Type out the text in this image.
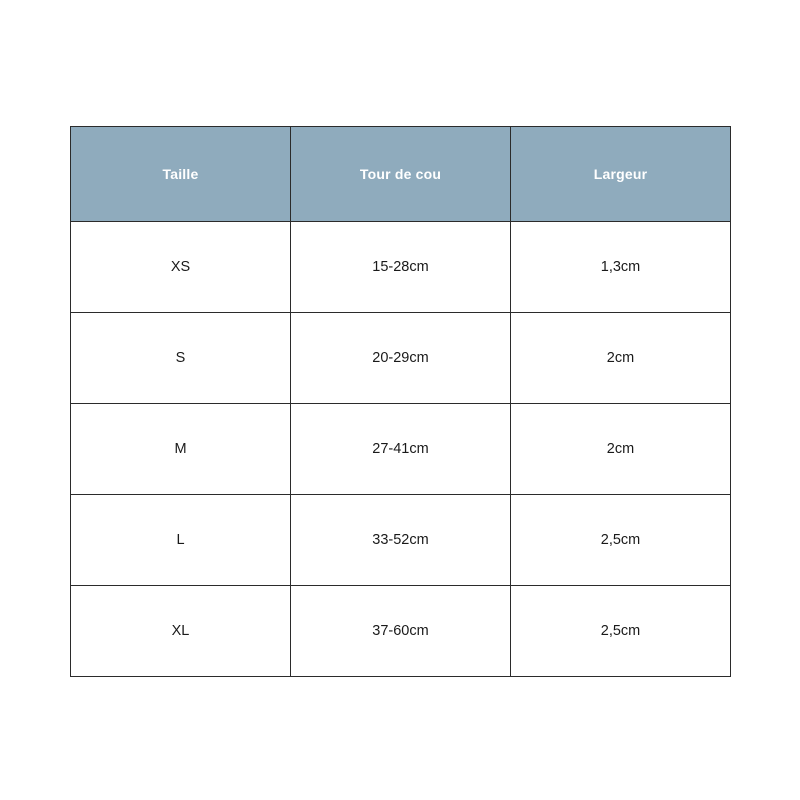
Taille	Tour de cou	Largeur
XS	15-28cm	1,3cm
S	20-29cm	2cm
M	27-41cm	2cm
L	33-52cm	2,5cm
XL	37-60cm	2,5cm
